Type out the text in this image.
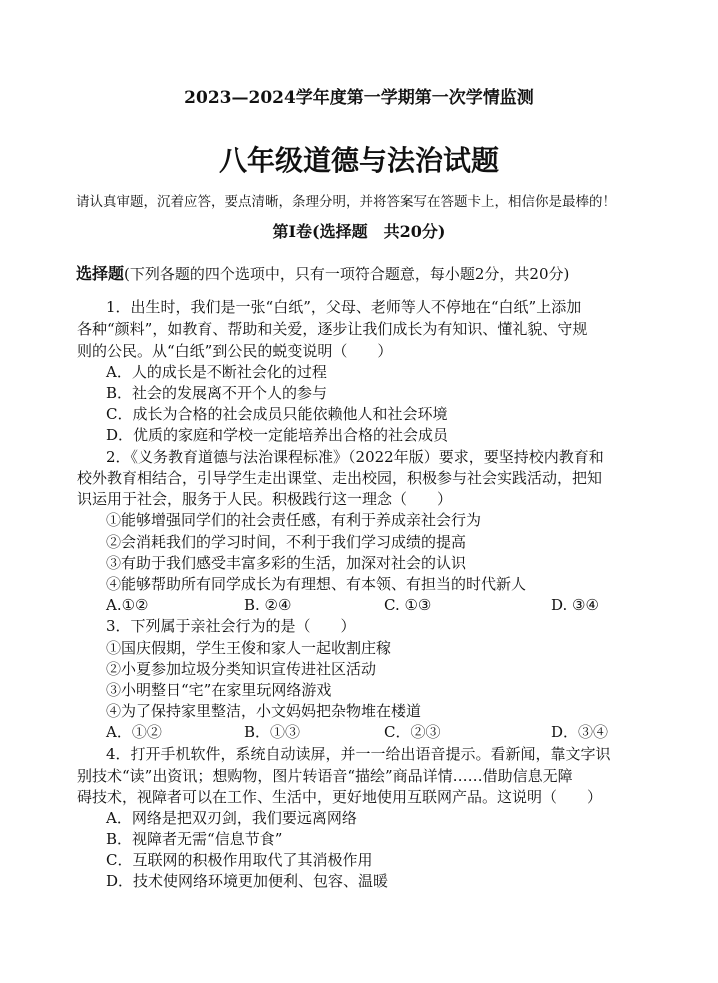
2023—2024学年度第一学期第一次学情监测
八年级道德与法治试题
请认真审题，沉着应答，要点清晰，条理分明，并将答案写在答题卡上，相信你是最棒的！
第Ⅰ卷(选择题　共20分)
选择题(下列各题的四个选项中，只有一项符合题意，每小题2分，共20分)
1．出生时，我们是一张“白纸”，父母、老师等人不停地在“白纸”上添加
各种“颜料”，如教育、帮助和关爱，逐步让我们成长为有知识、懂礼貌、守规
则的公民。从“白纸”到公民的蜕变说明（　　）
A．人的成长是不断社会化的过程
B．社会的发展离不开个人的参与
C．成长为合格的社会成员只能依赖他人和社会环境
D．优质的家庭和学校一定能培养出合格的社会成员
2．《义务教育道德与法治课程标准》（2022年版）要求，要坚持校内教育和
校外教育相结合，引导学生走出课堂、走出校园，积极参与社会实践活动，把知
识运用于社会，服务于人民。积极践行这一理念（　　）
①能够增强同学们的社会责任感，有利于养成亲社会行为
②会消耗我们的学习时间，不利于我们学习成绩的提高
③有助于我们感受丰富多彩的生活，加深对社会的认识
④能够帮助所有同学成长为有理想、有本领、有担当的时代新人
A.①②	B. ②④	C. ①③	D. ③④
3．下列属于亲社会行为的是（　　）
①国庆假期，学生王俊和家人一起收割庄稼
②小夏参加垃圾分类知识宣传进社区活动
③小明整日“宅”在家里玩网络游戏
④为了保持家里整洁，小文妈妈把杂物堆在楼道
A．①②	B．①③	C．②③	D．③④
4．打开手机软件，系统自动读屏，并一一给出语音提示。看新闻，靠文字识
别技术“读”出资讯；想购物，图片转语音“描绘”商品详情……借助信息无障
碍技术，视障者可以在工作、生活中，更好地使用互联网产品。这说明（　　）
A．网络是把双刃剑，我们要远离网络
B．视障者无需“信息节食”
C．互联网的积极作用取代了其消极作用
D．技术使网络环境更加便利、包容、温暖
